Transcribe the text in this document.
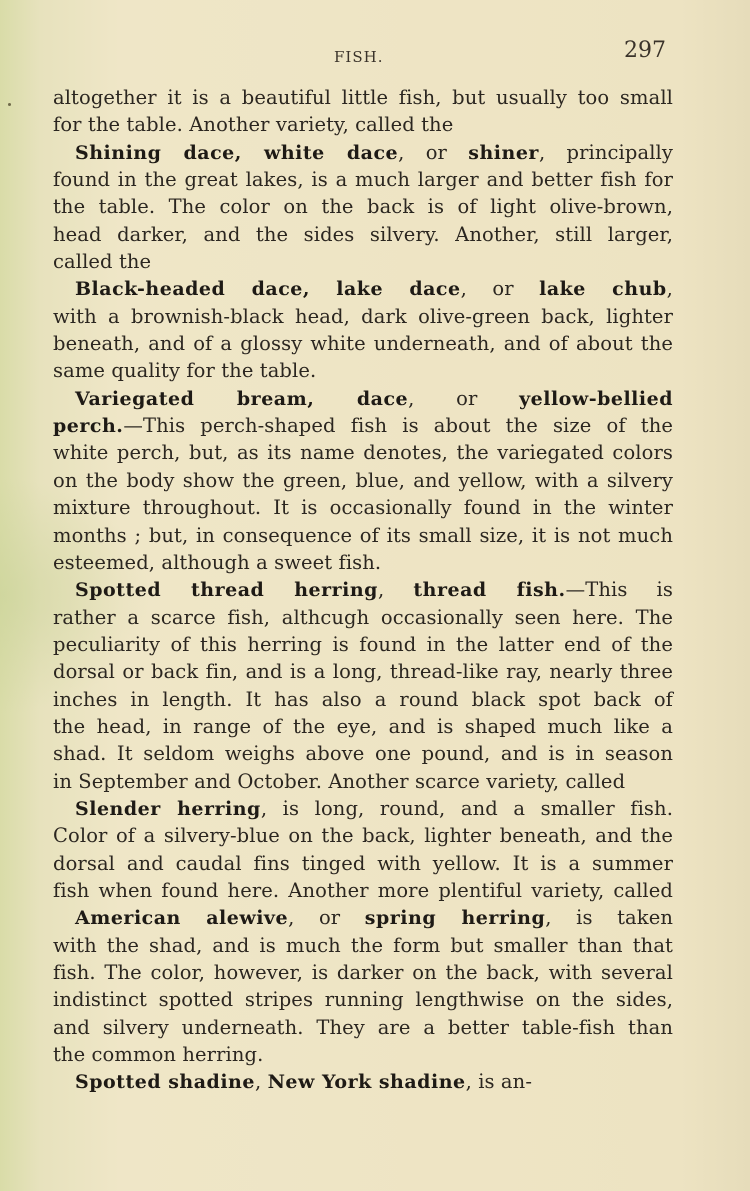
FISH.	297
altogether it is a beautiful little fish, but usually too small
for the table. Another variety, called the
Shining dace, white dace, or shiner, principally
found in the great lakes, is a much larger and better fish for
the table. The color on the back is of light olive-brown,
head darker, and the sides silvery. Another, still larger,
called the
Black-headed dace, lake dace, or lake chub,
with a brownish-black head, dark olive-green back, lighter
beneath, and of a glossy white underneath, and of about the
same quality for the table.
Variegated bream, dace, or yellow-bellied
perch.—This perch-shaped fish is about the size of the
white perch, but, as its name denotes, the variegated colors
on the body show the green, blue, and yellow, with a silvery
mixture throughout. It is occasionally found in the winter
months ; but, in consequence of its small size, it is not much
esteemed, although a sweet fish.
Spotted thread herring, thread fish.—This is
rather a scarce fish, althcugh occasionally seen here. The
peculiarity of this herring is found in the latter end of the
dorsal or back fin, and is a long, thread-like ray, nearly three
inches in length. It has also a round black spot back of
the head, in range of the eye, and is shaped much like a
shad. It seldom weighs above one pound, and is in season
in September and October. Another scarce variety, called
Slender herring, is long, round, and a smaller fish.
Color of a silvery-blue on the back, lighter beneath, and the
dorsal and caudal fins tinged with yellow. It is a summer
fish when found here. Another more plentiful variety, called
American alewive, or spring herring, is taken
with the shad, and is much the form but smaller than that
fish. The color, however, is darker on the back, with several
indistinct spotted stripes running lengthwise on the sides,
and silvery underneath. They are a better table-fish than
the common herring.
Spotted shadine, New York shadine, is an-
